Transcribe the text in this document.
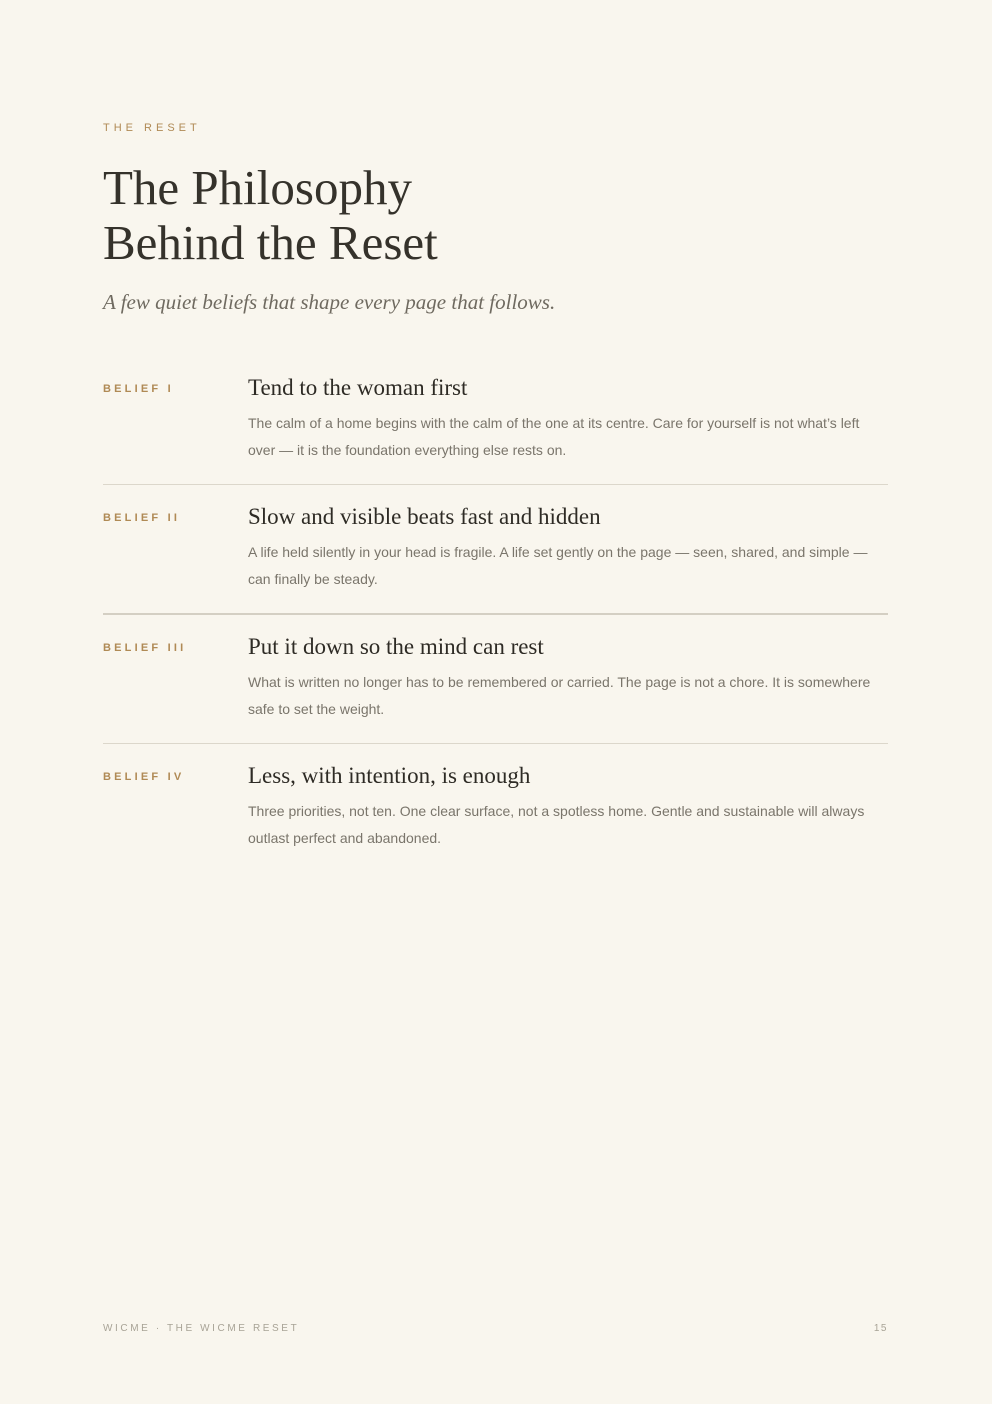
THE RESET
The Philosophy
Behind the Reset

A few quiet beliefs that shape every page that follows.

BELIEF I	Tend to the woman first

The calm of a home begins with the calm of the one at its centre. Care for yourself is not what’s left over — it is the foundation everything else rests on.

BELIEF II	Slow and visible beats fast and hidden

A life held silently in your head is fragile. A life set gently on the page — seen, shared, and simple — can finally be steady.

BELIEF III	Put it down so the mind can rest

What is written no longer has to be remembered or carried. The page is not a chore. It is somewhere safe to set the weight.

BELIEF IV	Less, with intention, is enough

Three priorities, not ten. One clear surface, not a spotless home. Gentle and sustainable will always outlast perfect and abandoned.

WICME · THE WICME RESET	15
